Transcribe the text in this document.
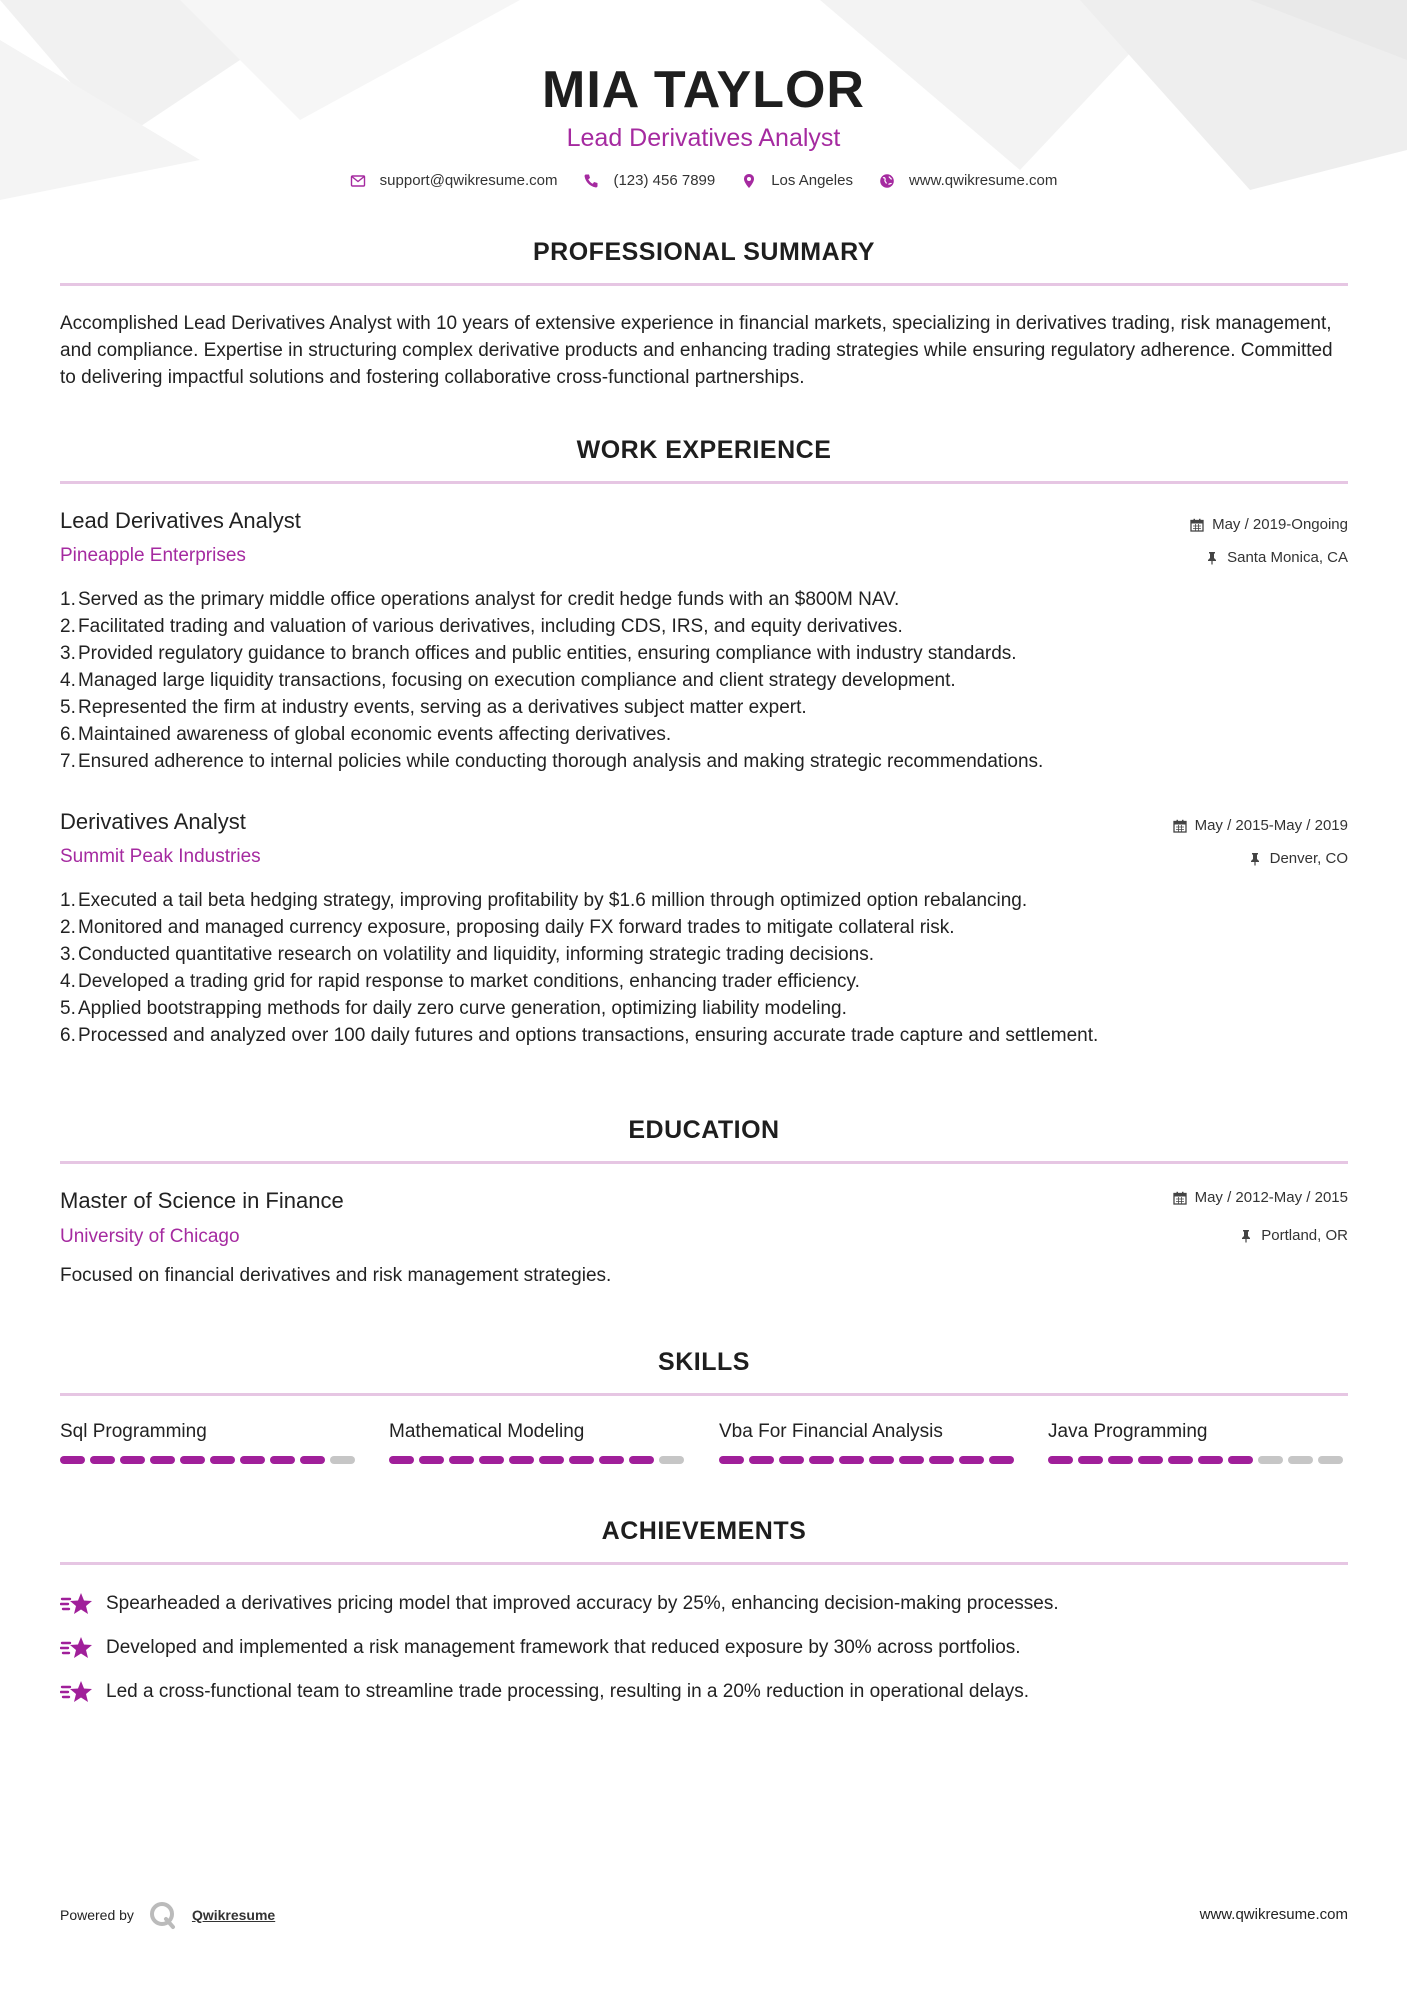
MIA TAYLOR
Lead Derivatives Analyst
support@qwikresume.com	(123) 456 7899	Los Angeles	www.qwikresume.com
PROFESSIONAL SUMMARY
Accomplished Lead Derivatives Analyst with 10 years of extensive experience in financial markets, specializing in derivatives trading, risk management, and compliance. Expertise in structuring complex derivative products and enhancing trading strategies while ensuring regulatory adherence. Committed to delivering impactful solutions and fostering collaborative cross-functional partnerships.
WORK EXPERIENCE
Lead Derivatives Analyst
Pineapple Enterprises
May / 2019-Ongoing
Santa Monica, CA
1. Served as the primary middle office operations analyst for credit hedge funds with an $800M NAV.
2. Facilitated trading and valuation of various derivatives, including CDS, IRS, and equity derivatives.
3. Provided regulatory guidance to branch offices and public entities, ensuring compliance with industry standards.
4. Managed large liquidity transactions, focusing on execution compliance and client strategy development.
5. Represented the firm at industry events, serving as a derivatives subject matter expert.
6. Maintained awareness of global economic events affecting derivatives.
7. Ensured adherence to internal policies while conducting thorough analysis and making strategic recommendations.
Derivatives Analyst
Summit Peak Industries
May / 2015-May / 2019
Denver, CO
1. Executed a tail beta hedging strategy, improving profitability by $1.6 million through optimized option rebalancing.
2. Monitored and managed currency exposure, proposing daily FX forward trades to mitigate collateral risk.
3. Conducted quantitative research on volatility and liquidity, informing strategic trading decisions.
4. Developed a trading grid for rapid response to market conditions, enhancing trader efficiency.
5. Applied bootstrapping methods for daily zero curve generation, optimizing liability modeling.
6. Processed and analyzed over 100 daily futures and options transactions, ensuring accurate trade capture and settlement.
EDUCATION
Master of Science in Finance
University of Chicago
May / 2012-May / 2015
Portland, OR
Focused on financial derivatives and risk management strategies.
SKILLS
Sql Programming	Mathematical Modeling	Vba For Financial Analysis	Java Programming
ACHIEVEMENTS
Spearheaded a derivatives pricing model that improved accuracy by 25%, enhancing decision-making processes.
Developed and implemented a risk management framework that reduced exposure by 30% across portfolios.
Led a cross-functional team to streamline trade processing, resulting in a 20% reduction in operational delays.
Powered by	Qwikresume	www.qwikresume.com
